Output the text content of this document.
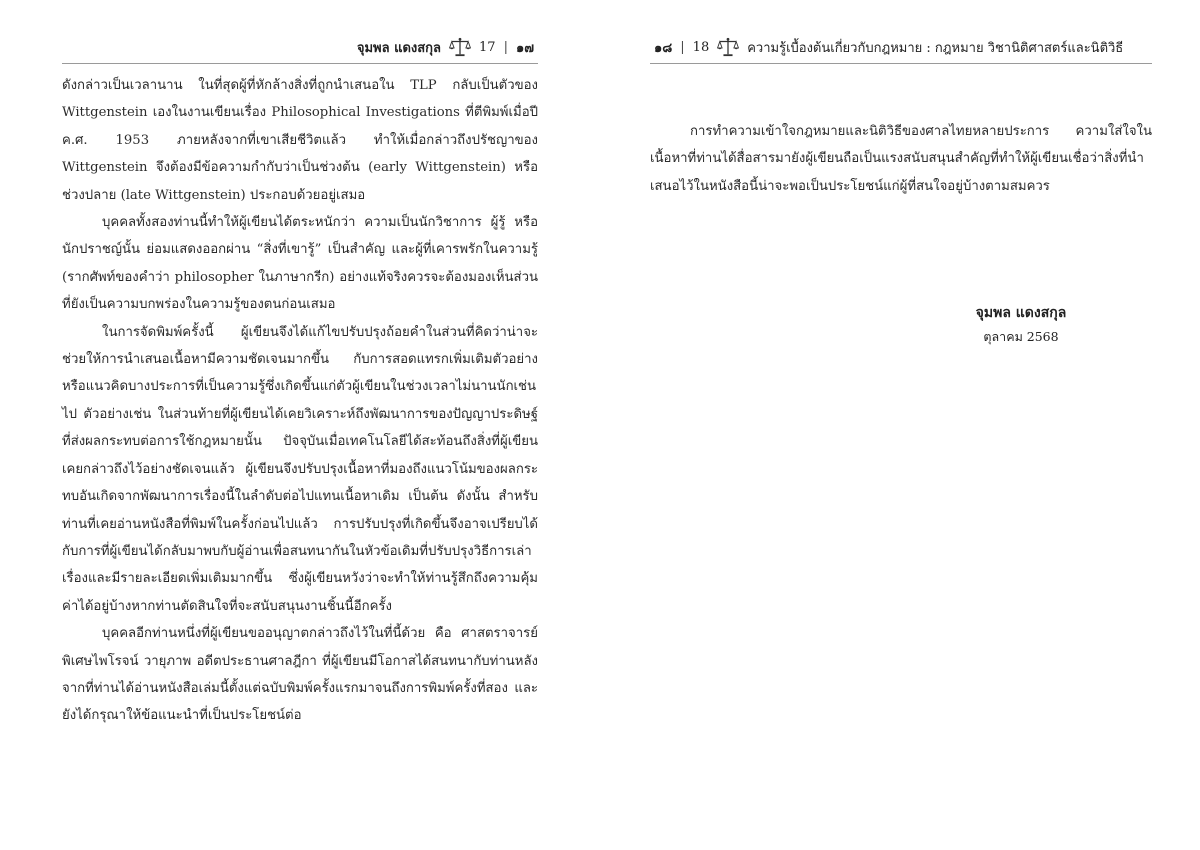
จุมพล แดงสกุล	17 | ๑๗

ดังกล่าวเป็นเวลานาน ในที่สุดผู้ที่หักล้างสิ่งที่ถูกนำเสนอใน TLP กลับเป็นตัวของ Wittgenstein เองในงานเขียนเรื่อง Philosophical Investigations ที่ตีพิมพ์เมื่อปี ค.ศ. 1953 ภายหลังจากที่เขาเสียชีวิตแล้ว ทำให้เมื่อกล่าวถึงปรัชญาของ Wittgenstein จึงต้องมีข้อความกำกับว่าเป็นช่วงต้น (early Wittgenstein) หรือช่วงปลาย (late Wittgenstein) ประกอบด้วยอยู่เสมอ

บุคคลทั้งสองท่านนี้ทำให้ผู้เขียนได้ตระหนักว่า ความเป็นนักวิชาการ ผู้รู้ หรือนักปราชญ์นั้น ย่อมแสดงออกผ่าน “สิ่งที่เขารู้” เป็นสำคัญ และผู้ที่เคารพรักในความรู้ (รากศัพท์ของคำว่า philosopher ในภาษากรีก) อย่างแท้จริงควรจะต้องมองเห็นส่วนที่ยังเป็นความบกพร่องในความรู้ของตนก่อนเสมอ

ในการจัดพิมพ์ครั้งนี้ ผู้เขียนจึงได้แก้ไขปรับปรุงถ้อยคำในส่วนที่คิดว่าน่าจะช่วยให้การนำเสนอเนื้อหามีความชัดเจนมากขึ้น กับการสอดแทรกเพิ่มเติมตัวอย่างหรือแนวคิดบางประการที่เป็นความรู้ซึ่งเกิดขึ้นแก่ตัวผู้เขียนในช่วงเวลาไม่นานนักเช่นไป ตัวอย่างเช่น ในส่วนท้ายที่ผู้เขียนได้เคยวิเคราะห์ถึงพัฒนาการของปัญญาประดิษฐ์ที่ส่งผลกระทบต่อการใช้กฎหมายนั้น ปัจจุบันเมื่อเทคโนโลยีได้สะท้อนถึงสิ่งที่ผู้เขียนเคยกล่าวถึงไว้อย่างชัดเจนแล้ว ผู้เขียนจึงปรับปรุงเนื้อหาที่มองถึงแนวโน้มของผลกระทบอันเกิดจากพัฒนาการเรื่องนี้ในลำดับต่อไปแทนเนื้อหาเดิม เป็นต้น ดังนั้น สำหรับท่านที่เคยอ่านหนังสือที่พิมพ์ในครั้งก่อนไปแล้ว การปรับปรุงที่เกิดขึ้นจึงอาจเปรียบได้กับการที่ผู้เขียนได้กลับมาพบกับผู้อ่านเพื่อสนทนากันในหัวข้อเดิมที่ปรับปรุงวิธีการเล่าเรื่องและมีรายละเอียดเพิ่มเติมมากขึ้น ซึ่งผู้เขียนหวังว่าจะทำให้ท่านรู้สึกถึงความคุ้มค่าได้อยู่บ้างหากท่านตัดสินใจที่จะสนับสนุนงานชิ้นนี้อีกครั้ง

บุคคลอีกท่านหนึ่งที่ผู้เขียนขออนุญาตกล่าวถึงไว้ในที่นี้ด้วย คือ ศาสตราจารย์พิเศษไพโรจน์ วายุภาพ อดีตประธานศาลฎีกา ที่ผู้เขียนมีโอกาสได้สนทนากับท่านหลังจากที่ท่านได้อ่านหนังสือเล่มนี้ตั้งแต่ฉบับพิมพ์ครั้งแรกมาจนถึงการพิมพ์ครั้งที่สอง และยังได้กรุณาให้ข้อแนะนำที่เป็นประโยชน์ต่อ

๑๘ | 18	ความรู้เบื้องต้นเกี่ยวกับกฎหมาย : กฎหมาย วิชานิติศาสตร์และนิติวิธี

การทำความเข้าใจกฎหมายและนิติวิธีของศาลไทยหลายประการ ความใส่ใจในเนื้อหาที่ท่านได้สื่อสารมายังผู้เขียนถือเป็นแรงสนับสนุนสำคัญที่ทำให้ผู้เขียนเชื่อว่าสิ่งที่นำเสนอไว้ในหนังสือนี้น่าจะพอเป็นประโยชน์แก่ผู้ที่สนใจอยู่บ้างตามสมควร

จุมพล แดงสกุล
ตุลาคม 2568
